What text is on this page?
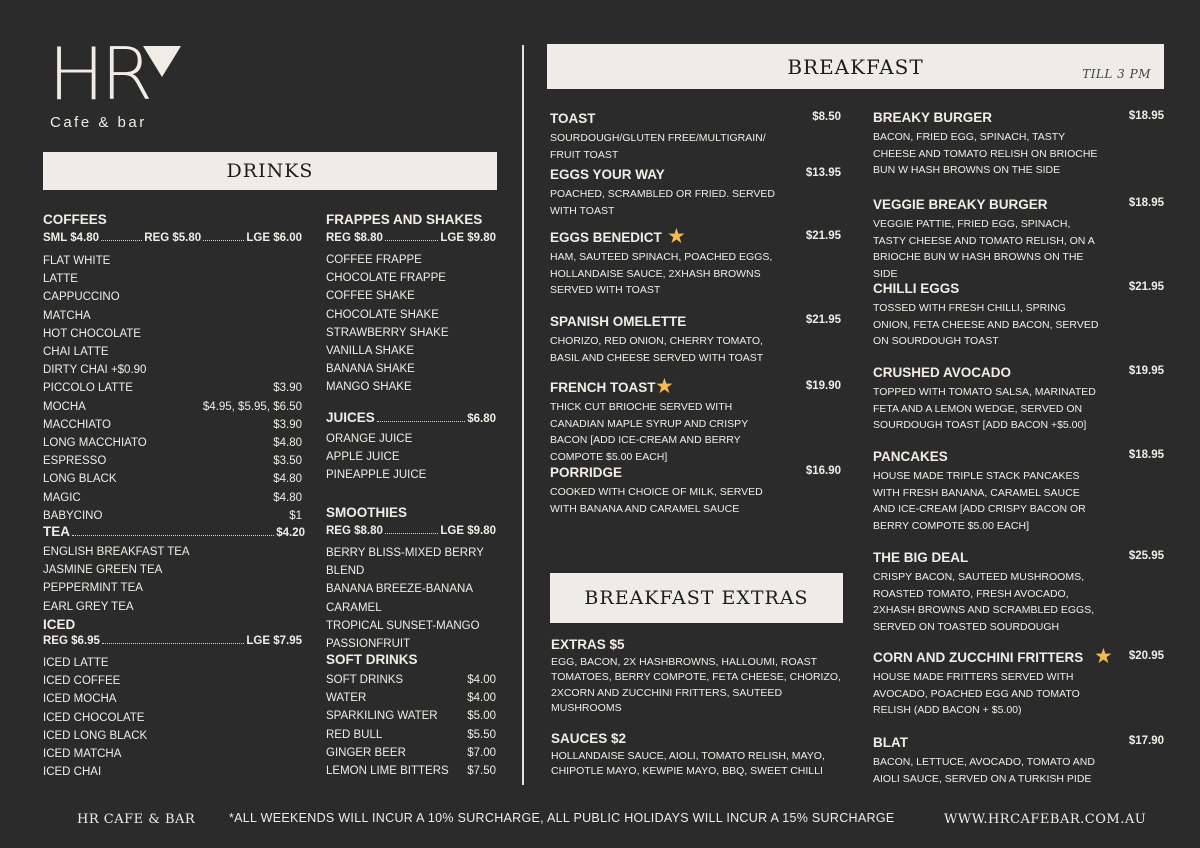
HR
Cafe & bar
DRINKS
COFFEES
SML $4.80	REG $5.80	LGE $6.00
FLAT WHITE
LATTE
CAPPUCCINO
MATCHA
HOT CHOCOLATE
CHAI LATTE
DIRTY CHAI +$0.90
PICCOLO LATTE	$3.90
MOCHA	$4.95, $5.95, $6.50
MACCHIATO	$3.90
LONG MACCHIATO	$4.80
ESPRESSO	$3.50
LONG BLACK	$4.80
MAGIC	$4.80
BABYCINO	$1
TEA	$4.20
ENGLISH BREAKFAST TEA
JASMINE GREEN TEA
PEPPERMINT TEA
EARL GREY TEA
ICED
REG $6.95	LGE $7.95
ICED LATTE
ICED COFFEE
ICED MOCHA
ICED CHOCOLATE
ICED LONG BLACK
ICED MATCHA
ICED CHAI
FRAPPES AND SHAKES
REG $8.80	LGE $9.80
COFFEE FRAPPE
CHOCOLATE FRAPPE
COFFEE SHAKE
CHOCOLATE SHAKE
STRAWBERRY SHAKE
VANILLA SHAKE
BANANA SHAKE
MANGO SHAKE
JUICES	$6.80
ORANGE JUICE
APPLE JUICE
PINEAPPLE JUICE
SMOOTHIES
REG $8.80	LGE $9.80
BERRY BLISS-MIXED BERRY
BLEND
BANANA BREEZE-BANANA
CARAMEL
TROPICAL SUNSET-MANGO
PASSIONFRUIT
SOFT DRINKS
SOFT DRINKS	$4.00
WATER	$4.00
SPARKILING WATER	$5.00
RED BULL	$5.50
GINGER BEER	$7.00
LEMON LIME BITTERS $7.50
BREAKFAST	TILL 3 PM
TOAST	$8.50
SOURDOUGH/GLUTEN FREE/MULTIGRAIN/ FRUIT TOAST
EGGS YOUR WAY	$13.95
POACHED, SCRAMBLED OR FRIED. SERVED WITH TOAST
EGGS BENEDICT ★	$21.95
HAM, SAUTEED SPINACH, POACHED EGGS, HOLLANDAISE SAUCE, 2XHASH BROWNS SERVED WITH TOAST
SPANISH OMELETTE	$21.95
CHORIZO, RED ONION, CHERRY TOMATO, BASIL AND CHEESE SERVED WITH TOAST
FRENCH TOAST ★	$19.90
THICK CUT BRIOCHE SERVED WITH CANADIAN MAPLE SYRUP AND CRISPY BACON [ADD ICE-CREAM AND BERRY COMPOTE $5.00 EACH]
PORRIDGE	$16.90
COOKED WITH CHOICE OF MILK, SERVED WITH BANANA AND CARAMEL SAUCE
BREAKY BURGER	$18.95
BACON, FRIED EGG, SPINACH, TASTY CHEESE AND TOMATO RELISH ON BRIOCHE BUN W HASH BROWNS ON THE SIDE
VEGGIE BREAKY BURGER	$18.95
VEGGIE PATTIE, FRIED EGG, SPINACH, TASTY CHEESE AND TOMATO RELISH, ON A BRIOCHE BUN W HASH BROWNS ON THE SIDE
CHILLI EGGS	$21.95
TOSSED WITH FRESH CHILLI, SPRING ONION, FETA CHEESE AND BACON, SERVED ON SOURDOUGH TOAST
CRUSHED AVOCADO	$19.95
TOPPED WITH TOMATO SALSA, MARINATED FETA AND A LEMON WEDGE, SERVED ON SOURDOUGH TOAST [ADD BACON +$5.00]
PANCAKES	$18.95
HOUSE MADE TRIPLE STACK PANCAKES WITH FRESH BANANA, CARAMEL SAUCE AND ICE-CREAM [ADD CRISPY BACON OR BERRY COMPOTE $5.00 EACH]
THE BIG DEAL	$25.95
CRISPY BACON, SAUTEED MUSHROOMS, ROASTED TOMATO, FRESH AVOCADO, 2XHASH BROWNS AND SCRAMBLED EGGS, SERVED ON TOASTED SOURDOUGH
CORN AND ZUCCHINI FRITTERS ★ $20.95
HOUSE MADE FRITTERS SERVED WITH AVOCADO, POACHED EGG AND TOMATO RELISH (ADD BACON + $5.00)
BLAT	$17.90
BACON, LETTUCE, AVOCADO, TOMATO AND AIOLI SAUCE, SERVED ON A TURKISH PIDE
BREAKFAST EXTRAS
EXTRAS $5
EGG, BACON, 2X HASHBROWNS, HALLOUMI, ROAST TOMATOES, BERRY COMPOTE, FETA CHEESE, CHORIZO, 2XCORN AND ZUCCHINI FRITTERS, SAUTEED MUSHROOMS
SAUCES $2
HOLLANDAISE SAUCE, AIOLI, TOMATO RELISH, MAYO, CHIPOTLE MAYO, KEWPIE MAYO, BBQ, SWEET CHILLI
HR CAFE & BAR	*ALL WEEKENDS WILL INCUR A 10% SURCHARGE, ALL PUBLIC HOLIDAYS WILL INCUR A 15% SURCHARGE	WWW.HRCAFEBAR.COM.AU
